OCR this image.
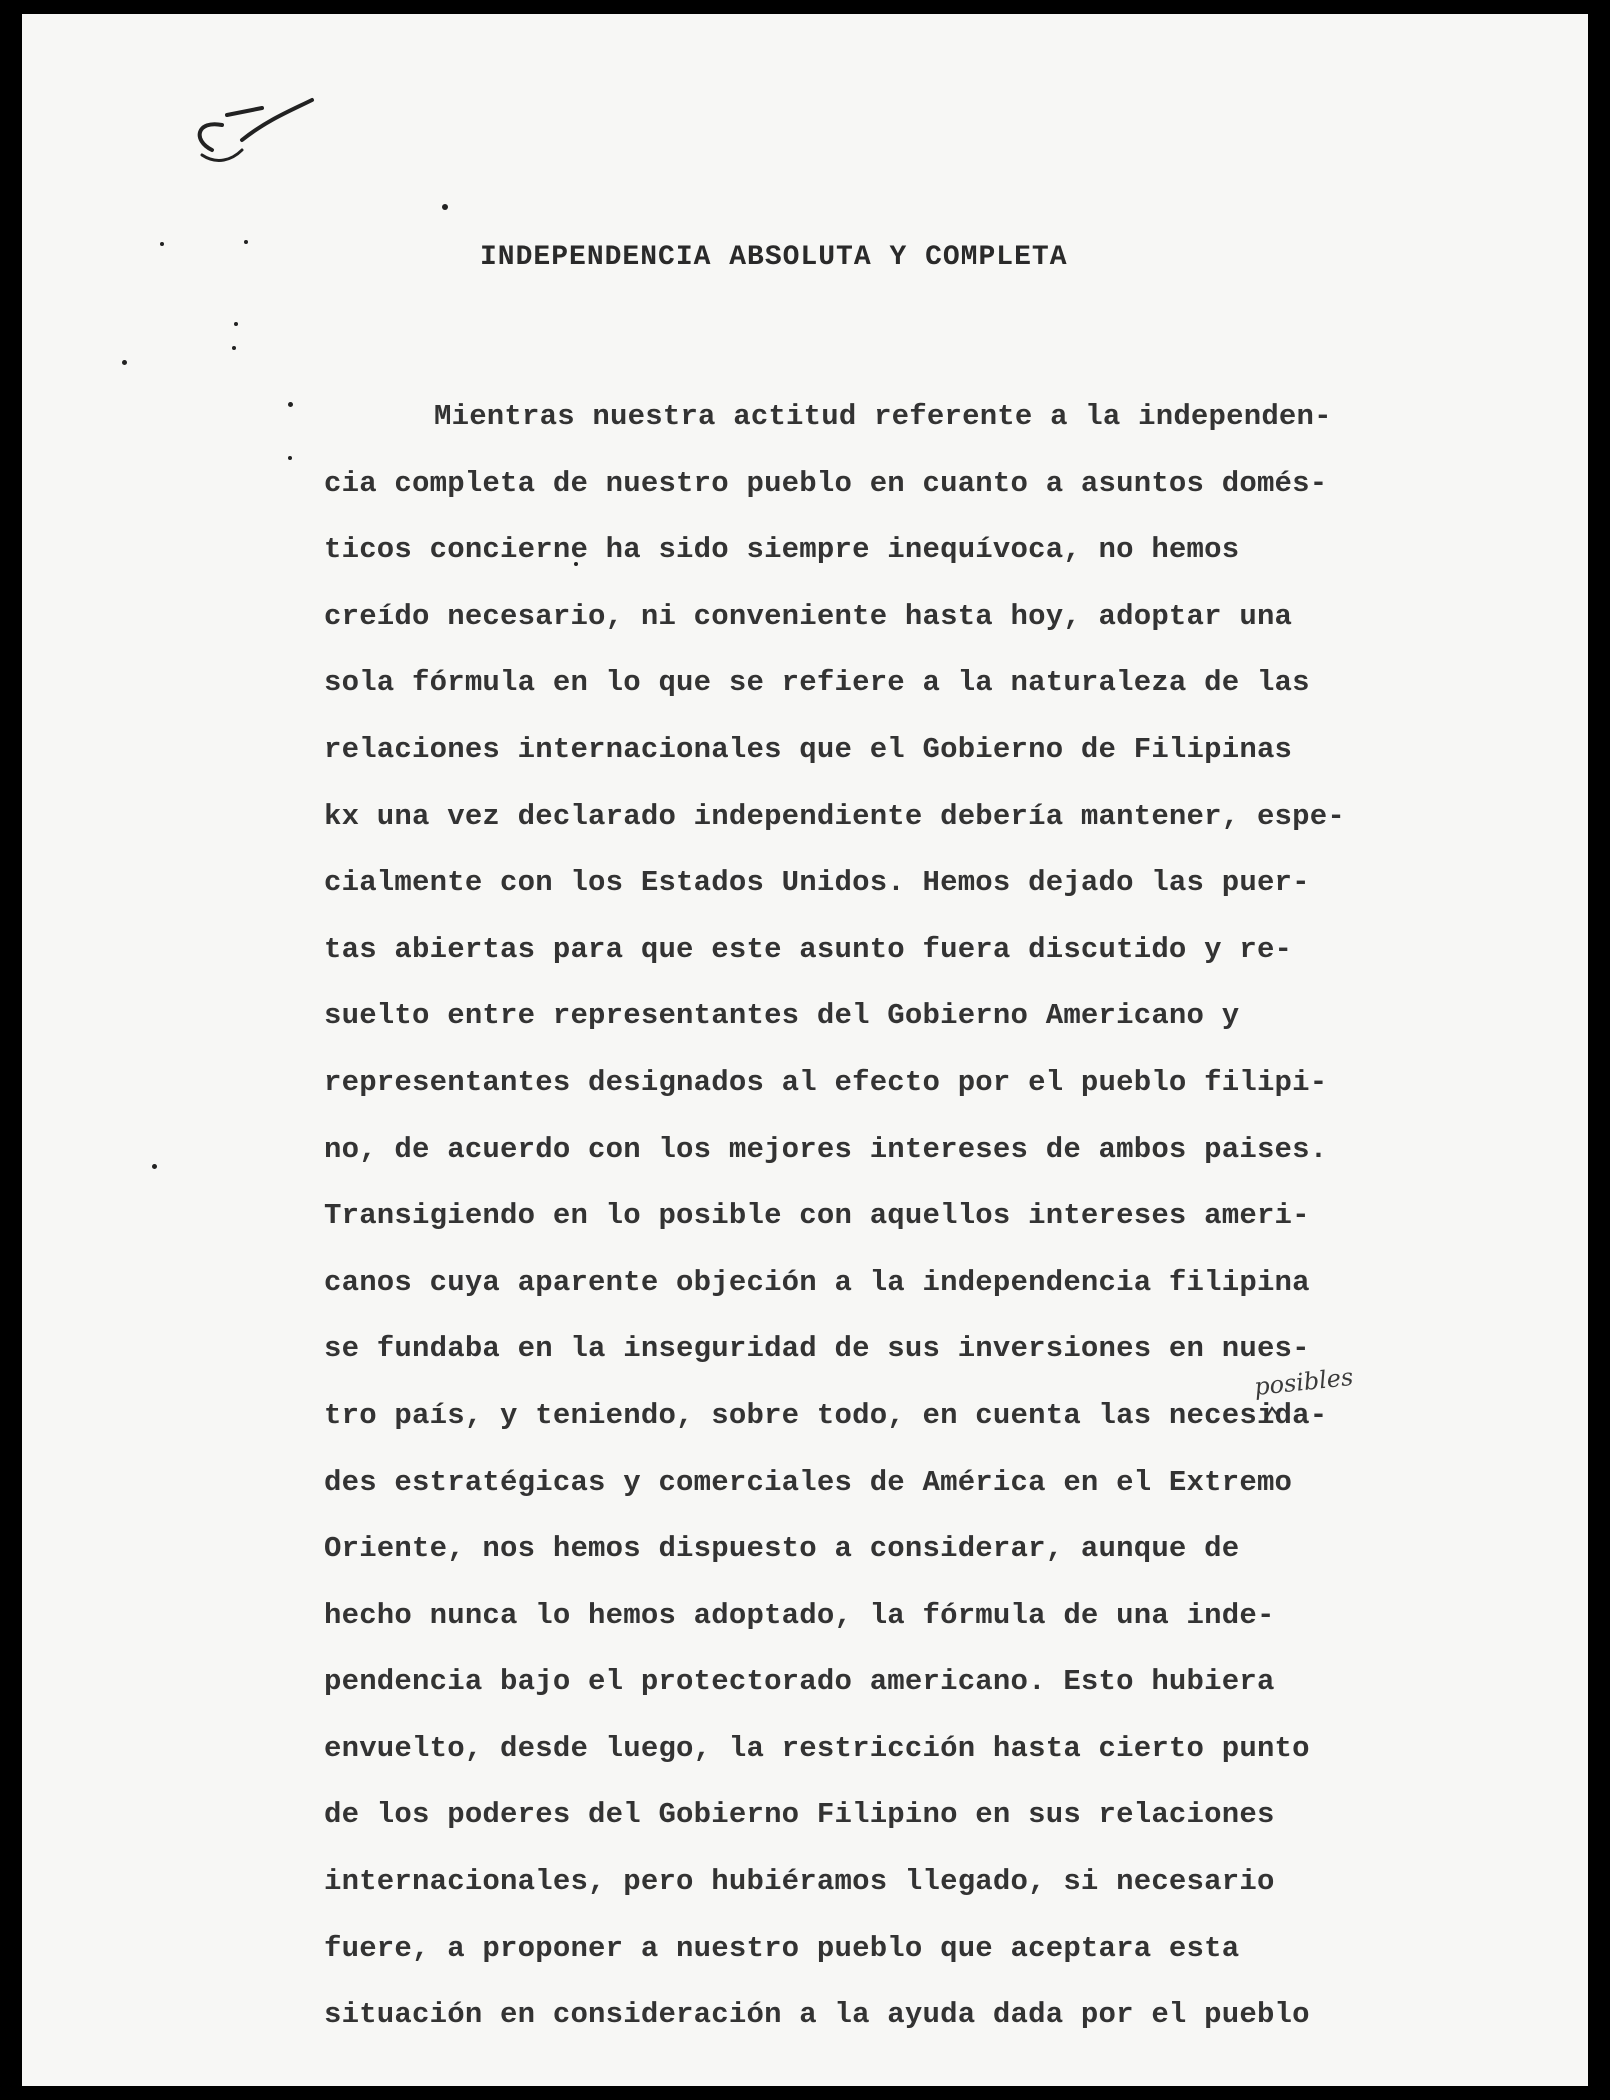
INDEPENDENCIA ABSOLUTA Y COMPLETA
Mientras nuestra actitud referente a la independen-
cia completa de nuestro pueblo en cuanto a asuntos domés-
ticos concierne ha sido siempre inequívoca, no hemos
creído necesario, ni conveniente hasta hoy, adoptar una
sola fórmula en lo que se refiere a la naturaleza de las
relaciones internacionales que el Gobierno de Filipinas
kx una vez declarado independiente debería mantener, espe-
cialmente con los Estados Unidos. Hemos dejado las puer-
tas abiertas para que este asunto fuera discutido y re-
suelto entre representantes del Gobierno Americano y
representantes designados al efecto por el pueblo filipi-
no, de acuerdo con los mejores intereses de ambos paises.
Transigiendo en lo posible con aquellos intereses ameri-
canos cuya aparente objeción a la independencia filipina
se fundaba en la inseguridad de sus inversiones en nues-
tro país, y teniendo, sobre todo, en cuenta las necesida-
des estratégicas y comerciales de América en el Extremo
Oriente, nos hemos dispuesto a considerar, aunque de
hecho nunca lo hemos adoptado, la fórmula de una inde-
pendencia bajo el protectorado americano. Esto hubiera
envuelto, desde luego, la restricción hasta cierto punto
de los poderes del Gobierno Filipino en sus relaciones
internacionales, pero hubiéramos llegado, si necesario
fuere, a proponer a nuestro pueblo que aceptara esta
situación en consideración a la ayuda dada por el pueblo
posibles
